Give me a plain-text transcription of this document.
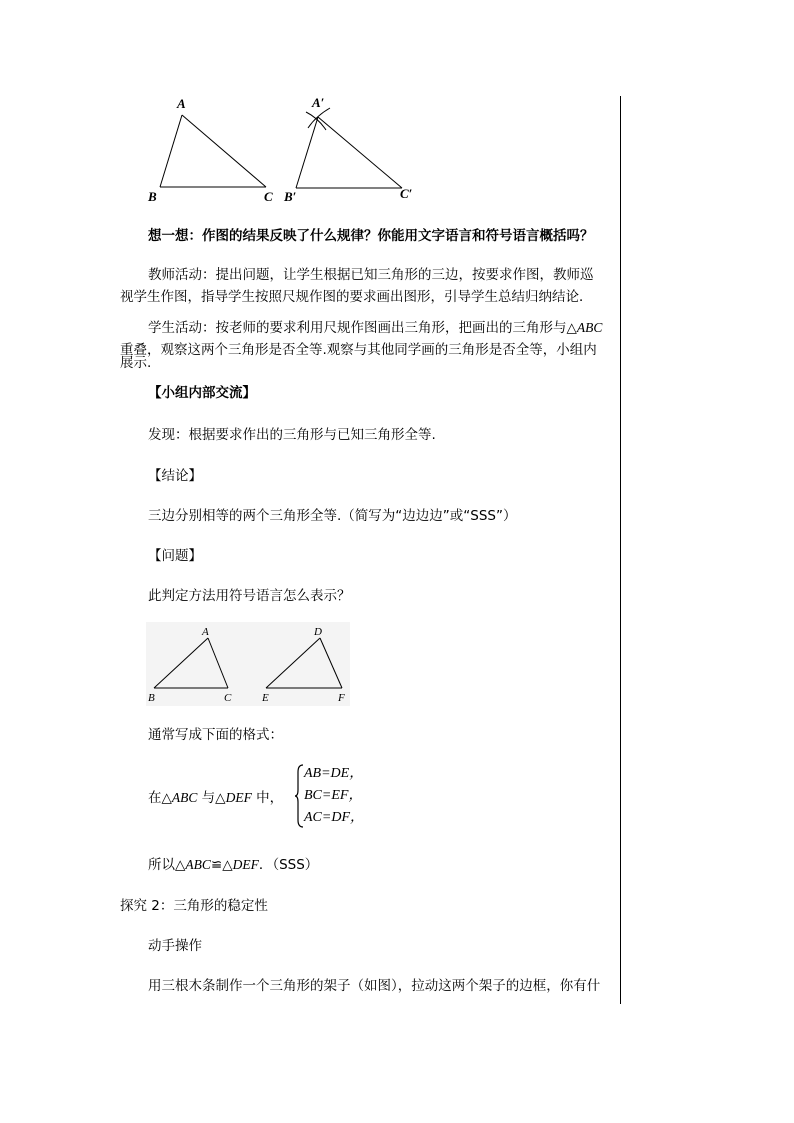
A
B	C
A′
B′	C′
想一想：作图的结果反映了什么规律？你能用文字语言和符号语言概括吗？
教师活动：提出问题，让学生根据已知三角形的三边，按要求作图，教师巡
视学生作图，指导学生按照尺规作图的要求画出图形，引导学生总结归纳结论．
学生活动：按老师的要求利用尺规作图画出三角形，把画出的三角形与△ABC
重叠，观察这两个三角形是否全等.观察与其他同学画的三角形是否全等，小组内
展示.
【小组内部交流】
发现：根据要求作出的三角形与已知三角形全等.
【结论】
三边分别相等的两个三角形全等.（简写为“边边边”或“SSS”）
【问题】
此判定方法用符号语言怎么表示？
A
B	C
D
E	F
通常写成下面的格式：
在△ABC 与△DEF 中，
AB=DE，
BC=EF，
AC=DF，
所以△ABC≌△DEF．（SSS）
探究 2：三角形的稳定性
动手操作
用三根木条制作一个三角形的架子（如图），拉动这两个架子的边框，你有什
